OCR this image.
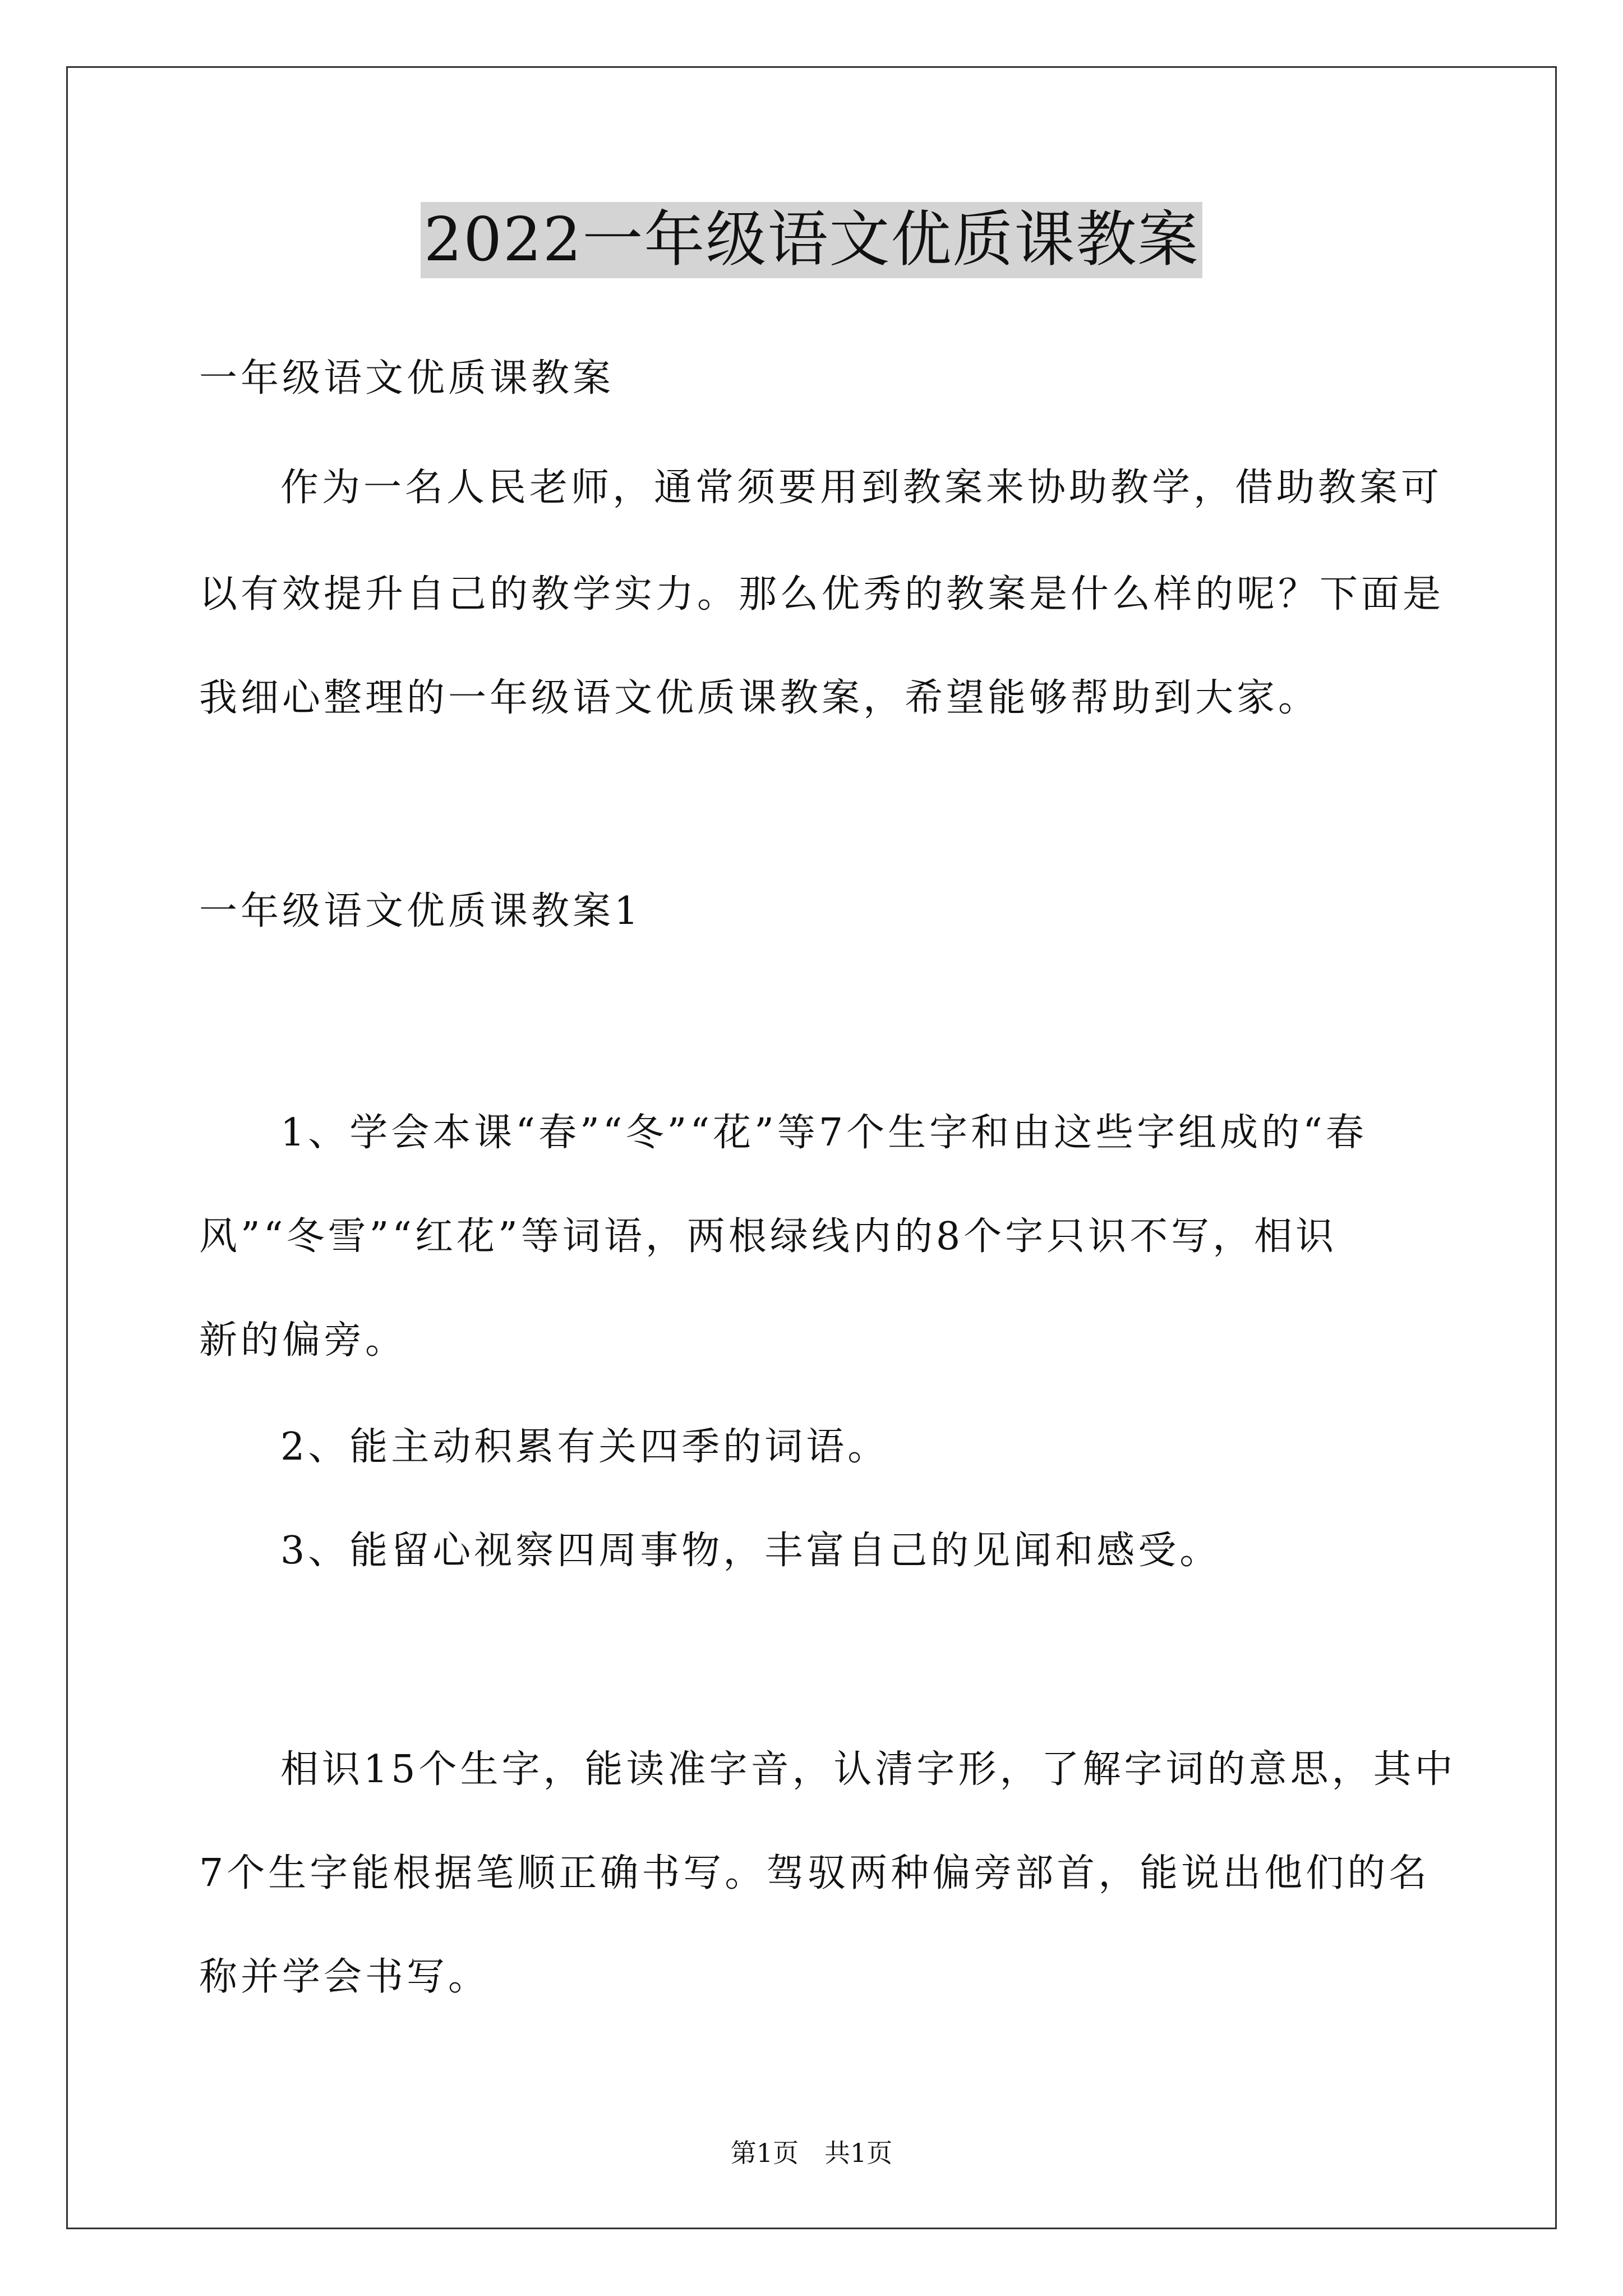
2022一年级语文优质课教案
一年级语文优质课教案
作为一名人民老师，通常须要用到教案来协助教学，借助教案可
以有效提升自己的教学实力。那么优秀的教案是什么样的呢？下面是
我细心整理的一年级语文优质课教案，希望能够帮助到大家。
一年级语文优质课教案1
1、学会本课“春”“冬”“花”等7个生字和由这些字组成的“春
风”“冬雪”“红花”等词语，两根绿线内的8个字只识不写，相识
新的偏旁。
2、能主动积累有关四季的词语。
3、能留心视察四周事物，丰富自己的见闻和感受。
相识15个生字，能读准字音，认清字形，了解字词的意思，其中
7个生字能根据笔顺正确书写。驾驭两种偏旁部首，能说出他们的名
称并学会书写。
第1页　共1页
